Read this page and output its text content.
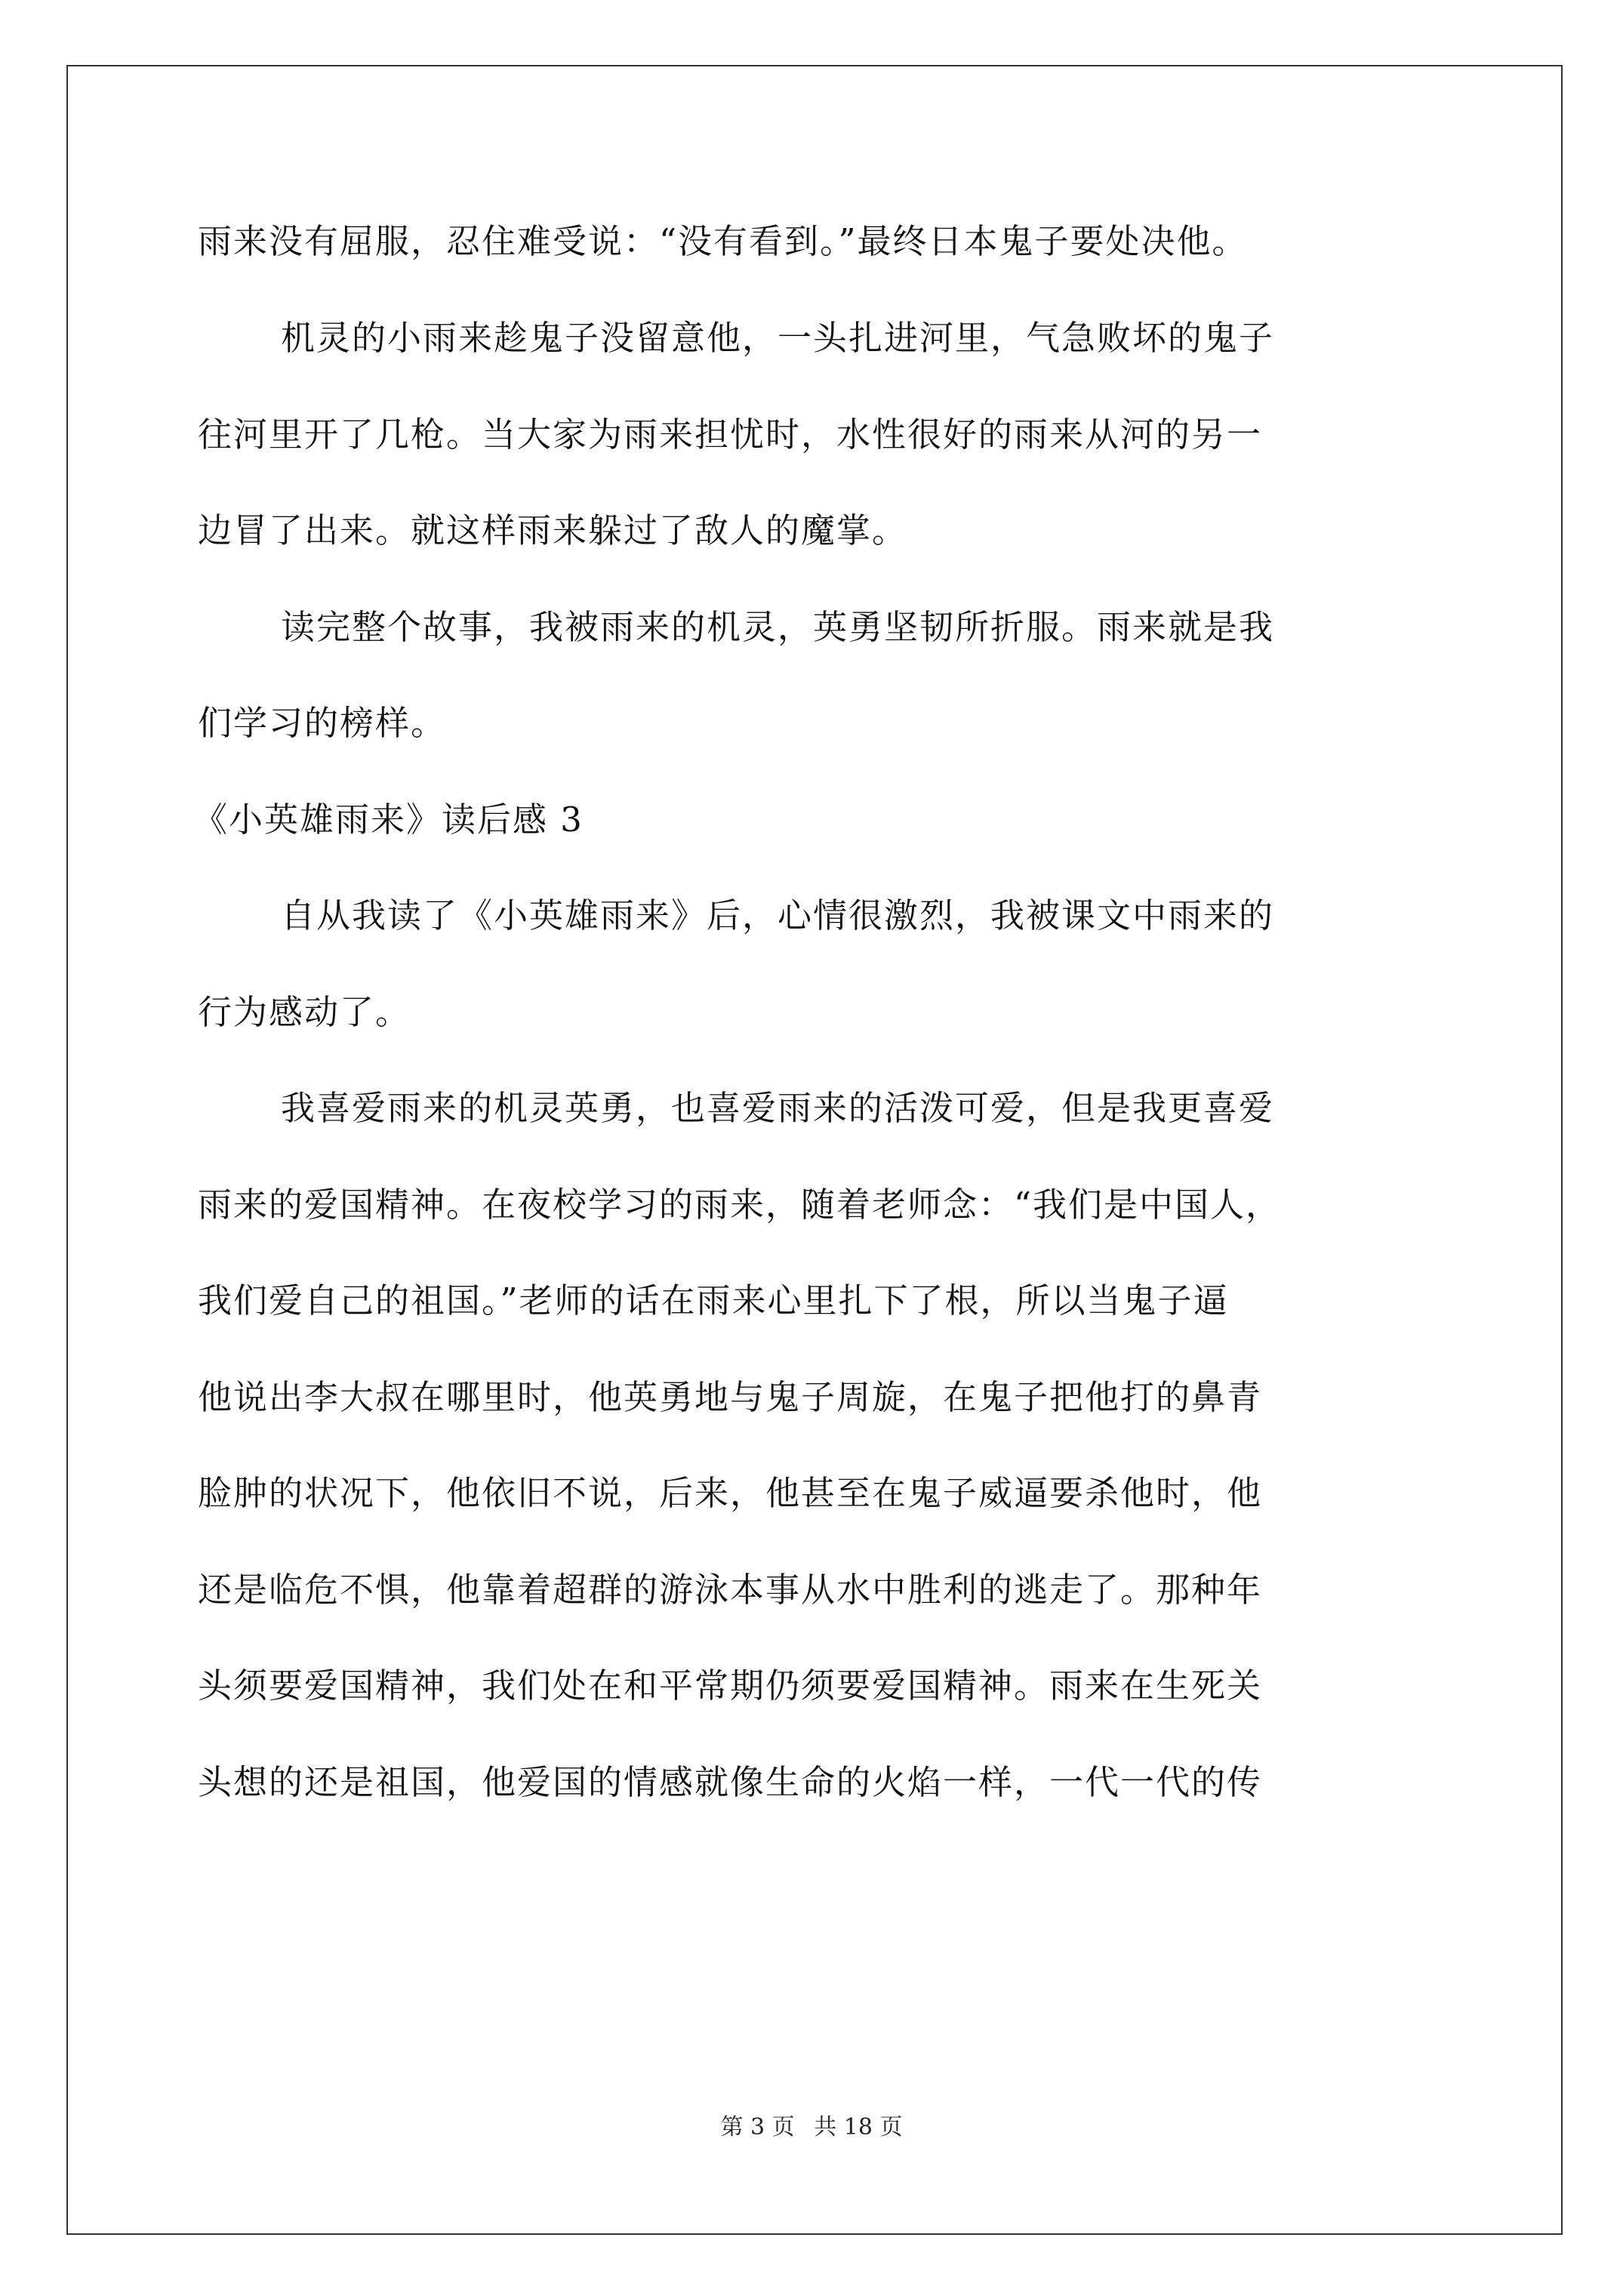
雨来没有屈服，忍住难受说：“没有看到。”最终日本鬼子要处决他。
机灵的小雨来趁鬼子没留意他，一头扎进河里，气急败坏的鬼子
往河里开了几枪。当大家为雨来担忧时，水性很好的雨来从河的另一
边冒了出来。就这样雨来躲过了敌人的魔掌。
读完整个故事，我被雨来的机灵，英勇坚韧所折服。雨来就是我
们学习的榜样。
《小英雄雨来》读后感 3
自从我读了《小英雄雨来》后，心情很激烈，我被课文中雨来的
行为感动了。
我喜爱雨来的机灵英勇，也喜爱雨来的活泼可爱，但是我更喜爱
雨来的爱国精神。在夜校学习的雨来，随着老师念：“我们是中国人，
我们爱自己的祖国。”老师的话在雨来心里扎下了根，所以当鬼子逼
他说出李大叔在哪里时，他英勇地与鬼子周旋，在鬼子把他打的鼻青
脸肿的状况下，他依旧不说，后来，他甚至在鬼子威逼要杀他时，他
还是临危不惧，他靠着超群的游泳本事从水中胜利的逃走了。那种年
头须要爱国精神，我们处在和平常期仍须要爱国精神。雨来在生死关
头想的还是祖国，他爱国的情感就像生命的火焰一样，一代一代的传
第 3 页 共 18 页
